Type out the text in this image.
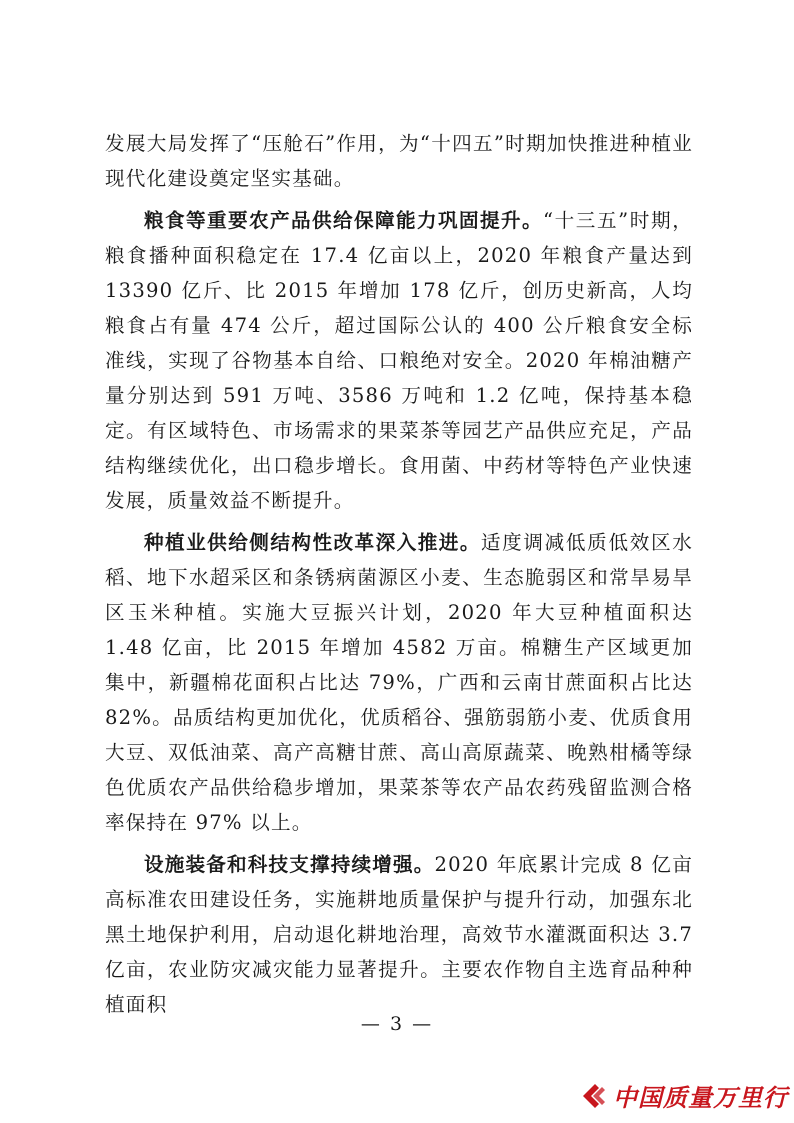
发展大局发挥了“压舱石”作用，为“十四五”时期加快推进种植业现代化建设奠定坚实基础。

粮食等重要农产品供给保障能力巩固提升。“十三五”时期，粮食播种面积稳定在 17.4 亿亩以上，2020 年粮食产量达到 13390 亿斤、比 2015 年增加 178 亿斤，创历史新高，人均粮食占有量 474 公斤，超过国际公认的 400 公斤粮食安全标准线，实现了谷物基本自给、口粮绝对安全。2020 年棉油糖产量分别达到 591 万吨、3586 万吨和 1.2 亿吨，保持基本稳定。有区域特色、市场需求的果菜茶等园艺产品供应充足，产品结构继续优化，出口稳步增长。食用菌、中药材等特色产业快速发展，质量效益不断提升。

种植业供给侧结构性改革深入推进。适度调减低质低效区水稻、地下水超采区和条锈病菌源区小麦、生态脆弱区和常旱易旱区玉米种植。实施大豆振兴计划，2020 年大豆种植面积达 1.48 亿亩，比 2015 年增加 4582 万亩。棉糖生产区域更加集中，新疆棉花面积占比达 79%，广西和云南甘蔗面积占比达 82%。品质结构更加优化，优质稻谷、强筋弱筋小麦、优质食用大豆、双低油菜、高产高糖甘蔗、高山高原蔬菜、晚熟柑橘等绿色优质农产品供给稳步增加，果菜茶等农产品农药残留监测合格率保持在 97% 以上。

设施装备和科技支撑持续增强。2020 年底累计完成 8 亿亩高标准农田建设任务，实施耕地质量保护与提升行动，加强东北黑土地保护利用，启动退化耕地治理，高效节水灌溉面积达 3.7 亿亩，农业防灾减灾能力显著提升。主要农作物自主选育品种种植面积

— 3 —
中国质量万里行
